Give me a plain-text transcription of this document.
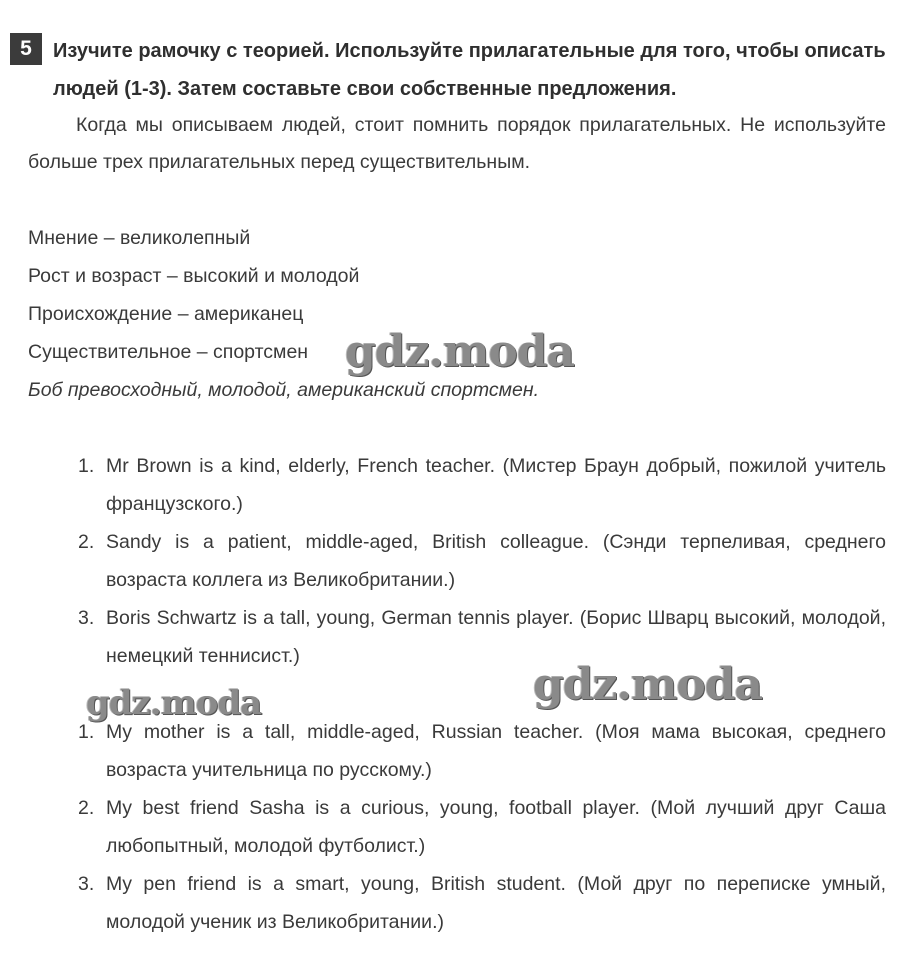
5	Изучите рамочку с теорией. Используйте прилагательные для того, чтобы описать людей (1-3). Затем составьте свои собственные предложения.
Когда мы описываем людей, стоит помнить порядок прилагательных. Не используйте больше трех прилагательных перед существительным.
Мнение – великолепный
Рост и возраст – высокий и молодой
Происхождение – американец
Существительное – спортсмен
Боб превосходный, молодой, американский спортсмен.
1. Mr Brown is a kind, elderly, French teacher. (Мистер Браун добрый, пожилой учитель французского.)
2. Sandy is a patient, middle-aged, British colleague. (Сэнди терпеливая, среднего возраста коллега из Великобритании.)
3. Boris Schwartz is a tall, young, German tennis player. (Борис Шварц высокий, молодой, немецкий теннисист.)
1. My mother is a tall, middle-aged, Russian teacher. (Моя мама высокая, среднего возраста учительница по русскому.)
2. My best friend Sasha is a curious, young, football player. (Мой лучший друг Саша любопытный, молодой футболист.)
3. My pen friend is a smart, young, British student. (Мой друг по переписке умный, молодой ученик из Великобритании.)
gdz.moda
gdz.moda
gdz.moda
